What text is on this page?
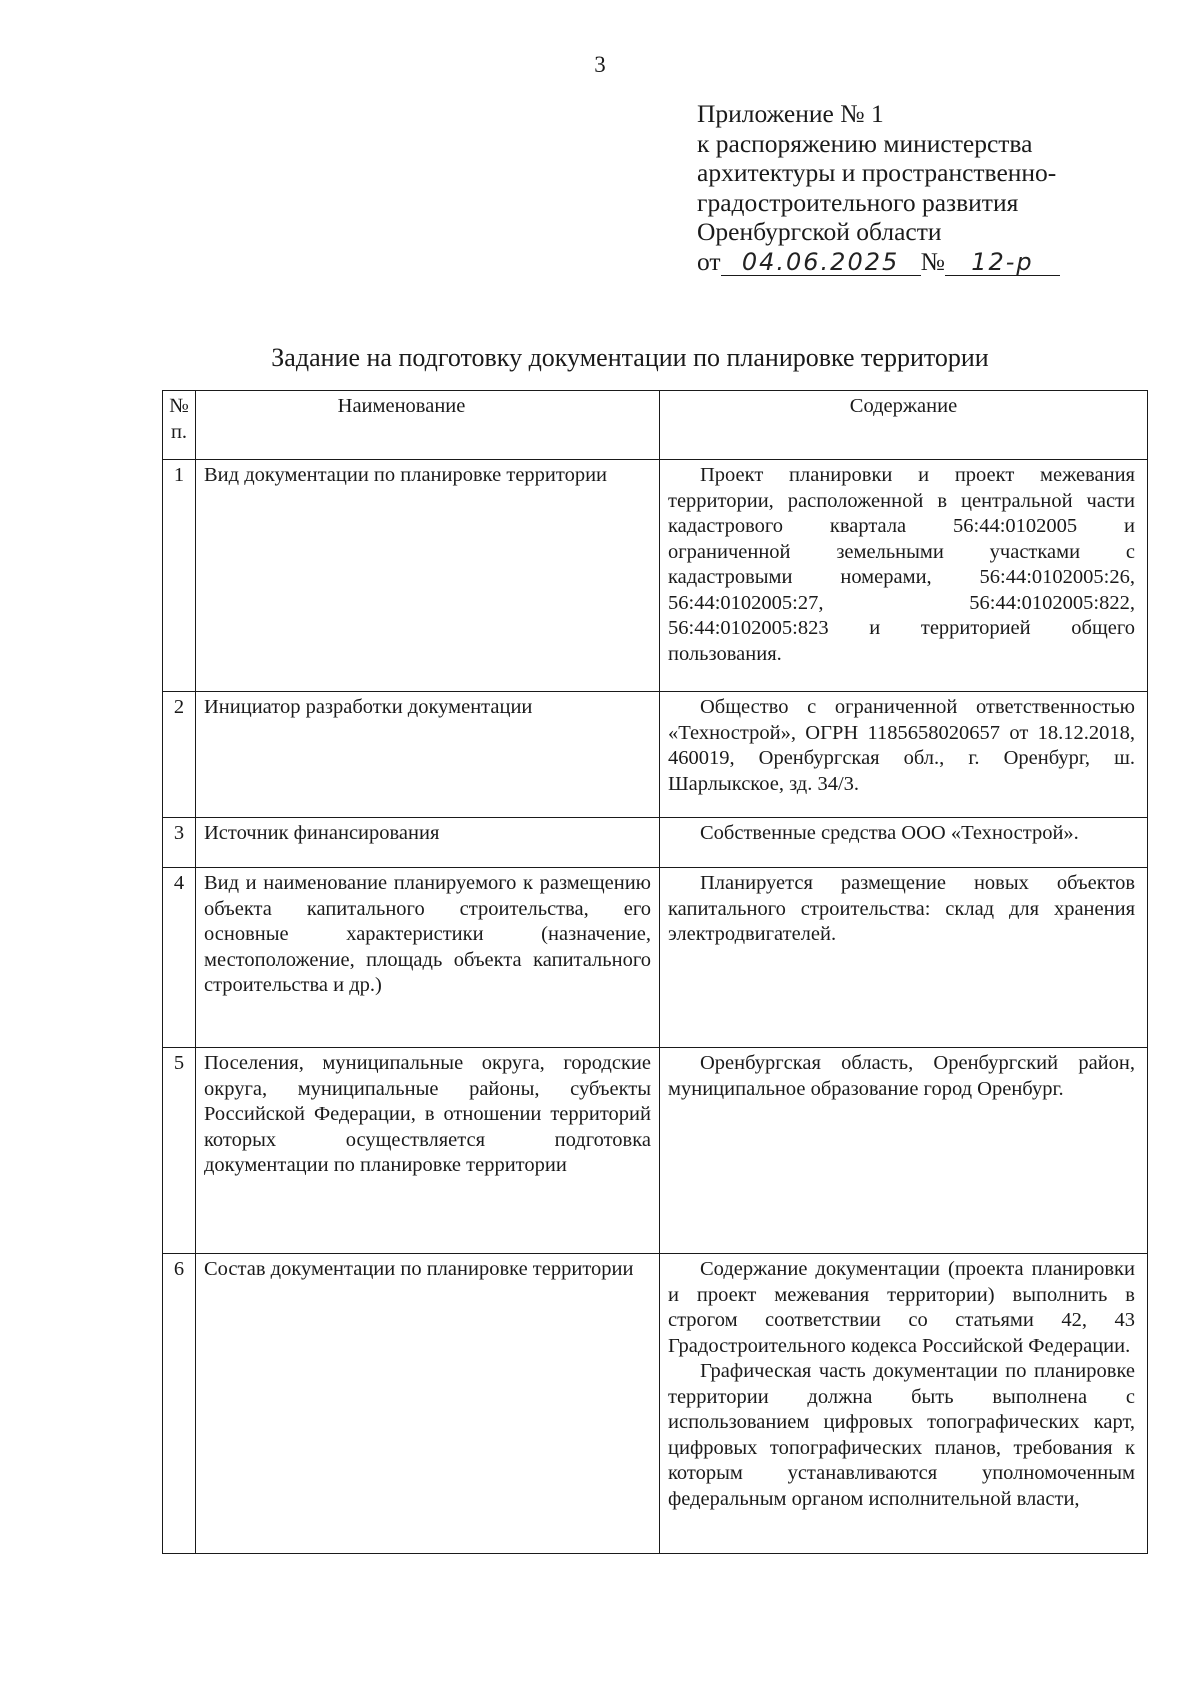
3
Приложение № 1
к распоряжению министерства
архитектуры и пространственно-
градостроительного развития
Оренбургской области
от 04.06.2025 № 12-р
Задание на подготовку документации по планировке территории
№ п.	Наименование	Содержание
1	Вид документации по планировке территории	Проект планировки и проект межевания территории, расположенной в центральной части кадастрового квартала 56:44:0102005 и ограниченной земельными участками с кадастровыми номерами, 56:44:0102005:26, 56:44:0102005:27, 56:44:0102005:822, 56:44:0102005:823 и территорией общего пользования.

2	Инициатор разработки документации	Общество с ограниченной ответственностью «Технострой», ОГРН 1185658020657 от 18.12.2018, 460019, Оренбургская обл., г. Оренбург, ш. Шарлыкское, зд. 34/3.

3	Источник финансирования	Собственные средства ООО «Технострой».

4	Вид и наименование планируемого к размещению объекта капитального строительства, его основные характеристики (назначение, местоположение, площадь объекта капитального строительства и др.)	Планируется размещение новых объектов капитального строительства: склад для хранения электродвигателей.

5	Поселения, муниципальные округа, городские округа, муниципальные районы, субъекты Российской Федерации, в отношении территорий которых осуществляется подготовка документации по планировке территории	Оренбургская область, Оренбургский район, муниципальное образование город Оренбург.

6	Состав документации по планировке территории	Содержание документации (проекта планировки и проект межевания территории) выполнить в строгом соответствии со статьями 42, 43 Градостроительного кодекса Российской Федерации.

Графическая часть документации по планировке территории должна быть выполнена с использованием цифровых топографических карт, цифровых топографических планов, требования к которым устанавливаются уполномоченным федеральным органом исполнительной власти,
